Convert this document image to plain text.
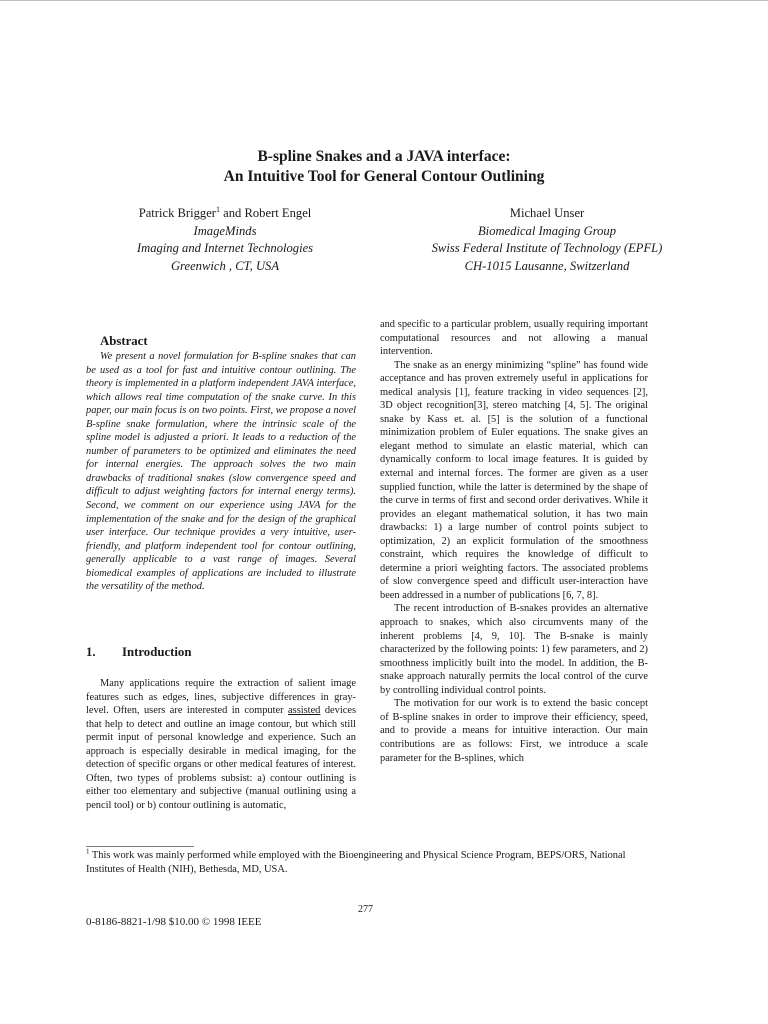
B-spline Snakes and a JAVA interface:
An Intuitive Tool for General Contour Outlining
Patrick Brigger$^1$ and Robert Engel
ImageMinds
Imaging and Internet Technologies
Greenwich , CT, USA
Michael Unser
Biomedical Imaging Group
Swiss Federal Institute of Technology (EPFL)
CH-1015 Lausanne, Switzerland
Abstract

We present a novel formulation for B-spline snakes that can be used as a tool for fast and intuitive contour outlining. The theory is implemented in a platform independent JAVA interface, which allows real time computation of the snake curve. In this paper, our main focus is on two points. First, we propose a novel B-spline snake formulation, where the intrinsic scale of the spline model is adjusted a priori. It leads to a reduction of the number of parameters to be optimized and eliminates the need for internal energies. The approach solves the two main drawbacks of traditional snakes (slow convergence speed and difficult to adjust weighting factors for internal energy terms). Second, we comment on our experience using JAVA for the implementation of the snake and for the design of the graphical user interface. Our technique provides a very intuitive, user-friendly, and platform independent tool for contour outlining, generally applicable to a vast range of images. Several biomedical examples of applications are included to illustrate the versatility of the method.

1. Introduction

Many applications require the extraction of salient image features such as edges, lines, subjective differences in gray-level. Often, users are interested in computer assisted devices that help to detect and outline an image contour, but which still permit input of personal knowledge and experience. Such an approach is especially desirable in medical imaging, for the detection of specific organs or other medical features of interest. Often, two types of problems subsist: a) contour outlining is either too elementary and subjective (manual outlining using a pencil tool) or b) contour outlining is automatic,

and specific to a particular problem, usually requiring important computational resources and not allowing a manual intervention.

The snake as an energy minimizing “spline” has found wide acceptance and has proven extremely useful in applications for medical analysis [1], feature tracking in video sequences [2], 3D object recognition[3], stereo matching [4, 5]. The original snake by Kass et. al. [5] is the solution of a functional minimization problem of Euler equations. The snake gives an elegant method to simulate an elastic material, which can dynamically conform to local image features. It is guided by external and internal forces. The former are given as a user supplied function, while the latter is determined by the shape of the curve in terms of first and second order derivatives. While it provides an elegant mathematical solution, it has two main drawbacks: 1) a large number of control points subject to optimization, 2) an explicit formulation of the smoothness constraint, which requires the knowledge of difficult to determine a priori weighting factors. The associated problems of slow convergence speed and difficult user-interaction have been addressed in a number of publications [6, 7, 8].

The recent introduction of B-snakes provides an alternative approach to snakes, which also circumvents many of the inherent problems [4, 9, 10]. The B-snake is mainly characterized by the following points: 1) few parameters, and 2) smoothness implicitly built into the model. In addition, the B-snake approach naturally permits the local control of the curve by controlling individual control points.

The motivation for our work is to extend the basic concept of B-spline snakes in order to improve their efficiency, speed, and to provide a means for intuitive interaction. Our main contributions are as follows: First, we introduce a scale parameter for the B-splines, which

$^1$ This work was mainly performed while employed with the Bioengineering and Physical Science Program, BEPS/ORS, National Institutes of Health (NIH), Bethesda, MD, USA.
277
0-8186-8821-1/98 $10.00 © 1998 IEEE
